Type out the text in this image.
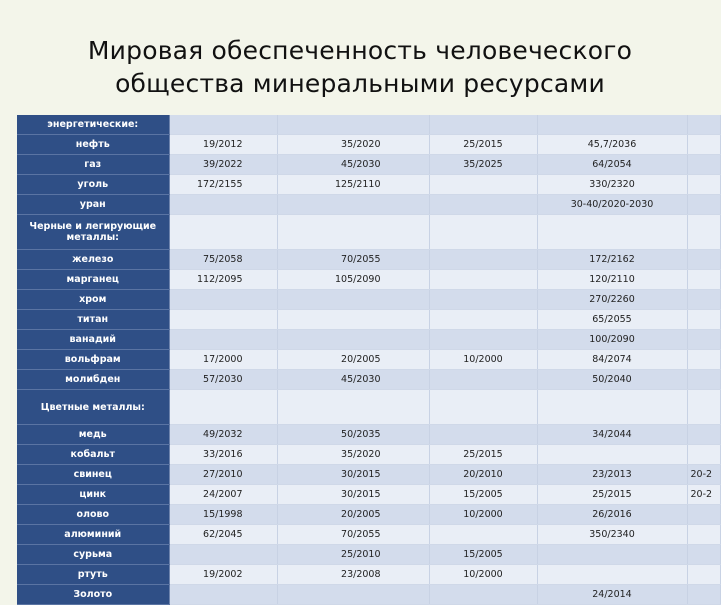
Мировая обеспеченность человеческого
общества минеральными ресурсами
энергетические:					
нефть	19/2012	35/2020	25/2015	45,7/2036	
газ	39/2022	45/2030	35/2025	64/2054	
уголь	172/2155	125/2110		330/2320	
уран				30-40/2020-2030	
Черные и легирующие металлы:					
железо	75/2058	70/2055		172/2162	
марганец	112/2095	105/2090		120/2110	
хром				270/2260	
титан				65/2055	
ванадий				100/2090	
вольфрам	17/2000	20/2005	10/2000	84/2074	
молибден	57/2030	45/2030		50/2040	
Цветные металлы:					
медь	49/2032	50/2035		34/2044	
кобальт	33/2016	35/2020	25/2015		
свинец	27/2010	30/2015	20/2010	23/2013	20-2
цинк	24/2007	30/2015	15/2005	25/2015	20-2
олово	15/1998	20/2005	10/2000	26/2016	
алюминий	62/2045	70/2055		350/2340	
сурьма		25/2010	15/2005		
ртуть	19/2002	23/2008	10/2000		
Золото				24/2014	
